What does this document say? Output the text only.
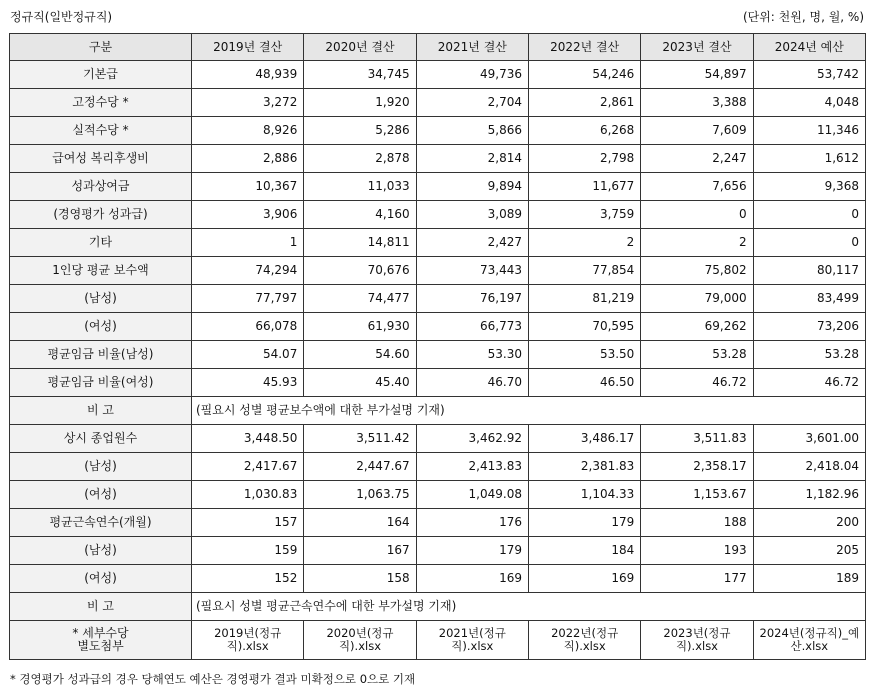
정규직(일반정규직)	(단위: 천원, 명, 월, %)
구분	2019년 결산	2020년 결산	2021년 결산	2022년 결산	2023년 결산	2024년 예산
기본급	48,939	34,745	49,736	54,246	54,897	53,742
고정수당 *	3,272	1,920	2,704	2,861	3,388	4,048
실적수당 *	8,926	5,286	5,866	6,268	7,609	11,346
급여성 복리후생비	2,886	2,878	2,814	2,798	2,247	1,612
성과상여금	10,367	11,033	9,894	11,677	7,656	9,368
(경영평가 성과급)	3,906	4,160	3,089	3,759	0	0
기타	1	14,811	2,427	2	2	0
1인당 평균 보수액	74,294	70,676	73,443	77,854	75,802	80,117
(남성)	77,797	74,477	76,197	81,219	79,000	83,499
(여성)	66,078	61,930	66,773	70,595	69,262	73,206
평균임금 비율(남성)	54.07	54.60	53.30	53.50	53.28	53.28
평균임금 비율(여성)	45.93	45.40	46.70	46.50	46.72	46.72
비 고	(필요시 성별 평균보수액에 대한 부가설명 기재)					
상시 종업원수	3,448.50	3,511.42	3,462.92	3,486.17	3,511.83	3,601.00
(남성)	2,417.67	2,447.67	2,413.83	2,381.83	2,358.17	2,418.04
(여성)	1,030.83	1,063.75	1,049.08	1,104.33	1,153.67	1,182.96
평균근속연수(개월)	157	164	176	179	188	200
(남성)	159	167	179	184	193	205
(여성)	152	158	169	169	177	189
비 고	(필요시 성별 평균근속연수에 대한 부가설명 기재)					

* 세부수당
별도첨부	2019년(정규직).xlsx	2020년(정규직).xlsx	2021년(정규직).xlsx	2022년(정규직).xlsx	2023년(정규직).xlsx	2024년(정규직)_예산.xlsx
* 경영평가 성과급의 경우 당해연도 예산은 경영평가 결과 미확정으로 0으로 기재
